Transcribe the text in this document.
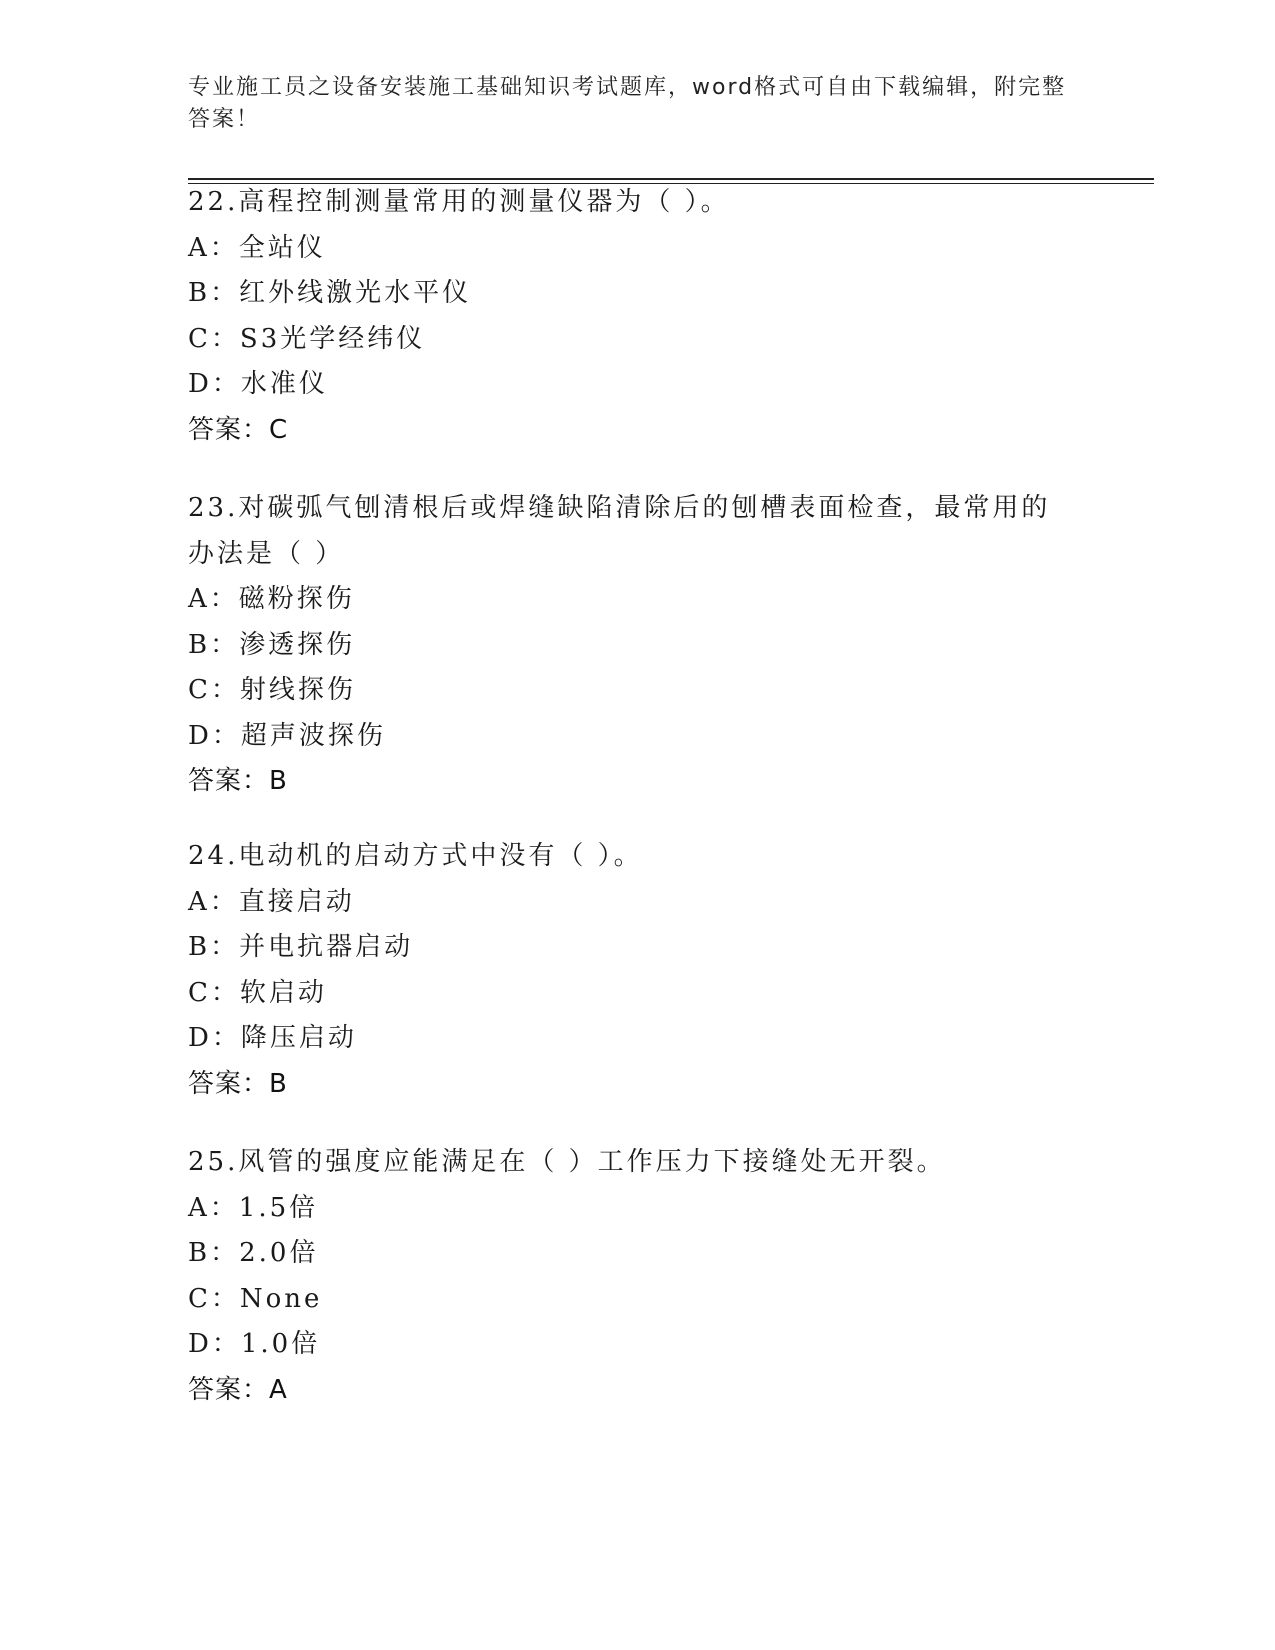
专业施工员之设备安装施工基础知识考试题库，word格式可自由下载编辑，附完整答案！
22.高程控制测量常用的测量仪器为（ ）。
A：全站仪
B：红外线激光水平仪
C：S3光学经纬仪
D：水准仪
答案：C
23.对碳弧气刨清根后或焊缝缺陷清除后的刨槽表面检查，最常用的办法是（ ）
A：磁粉探伤
B：渗透探伤
C：射线探伤
D：超声波探伤
答案：B
24.电动机的启动方式中没有（ ）。
A：直接启动
B：并电抗器启动
C：软启动
D：降压启动
答案：B
25.风管的强度应能满足在（ ）工作压力下接缝处无开裂。
A：1.5倍
B：2.0倍
C：None
D：1.0倍
答案：A
